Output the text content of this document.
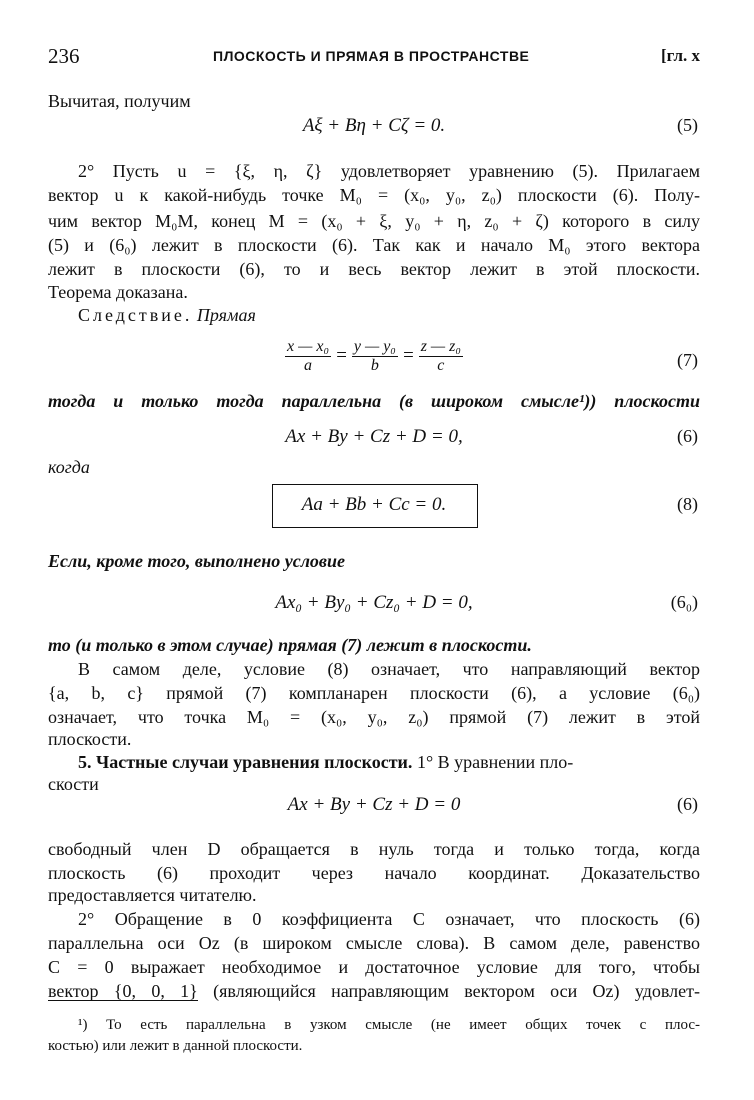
236	ПЛОСКОСТЬ И ПРЯМАЯ В ПРОСТРАНСТВЕ	[гл. x
Вычитая, получим
Aξ + Bη + Cζ = 0.	(5)
2° Пусть u = {ξ, η, ζ} удовлетворяет уравнению (5). Прилагаем
вектор u к какой-нибудь точке M₀ = (x₀, y₀, z₀) плоскости (6). Полу-
чим вектор M₀M, конец M = (x₀ + ξ, y₀ + η, z₀ + ζ) которого в силу
(5) и (6₀) лежит в плоскости (6). Так как и начало M₀ этого вектора
лежит в плоскости (6), то и весь вектор лежит в этой плоскости.
Теорема доказана.
Следствие. Прямая
$\frac{\text{x — x₀}}{a} = \frac{\text{y — y₀}}{b} = \frac{\text{z — z₀}}{c}$	(7)
тогда и только тогда параллельна (в широком смысле¹)) плоскости
Ax + By + Cz + D = 0,	(6)
когда
Aa + Bb + Cc = 0.	(8)
Если, кроме того, выполнено условие
Ax₀ + By₀ + Cz₀ + D = 0,	(6₀)
то (и только в этом случае) прямая (7) лежит в плоскости.
В самом деле, условие (8) означает, что направляющий вектор
{a, b, c} прямой (7) компланарен плоскости (6), а условие (6₀)
означает, что точка M₀ = (x₀, y₀, z₀) прямой (7) лежит в этой
плоскости.
5. Частные случаи уравнения плоскости. 1° В уравнении пло-
скости
Ax + By + Cz + D = 0	(6)
свободный член D обращается в нуль тогда и только тогда, когда
плоскость (6) проходит через начало координат. Доказательство
предоставляется читателю.
2° Обращение в 0 коэффициента C означает, что плоскость (6)
параллельна оси Oz (в широком смысле слова). В самом деле, равенство
C = 0 выражает необходимое и достаточное условие для того, чтобы
вектор {0, 0, 1} (являющийся направляющим вектором оси Oz) удовлет-
¹) То есть параллельна в узком смысле (не имеет общих точек с плос-
костью) или лежит в данной плоскости.
